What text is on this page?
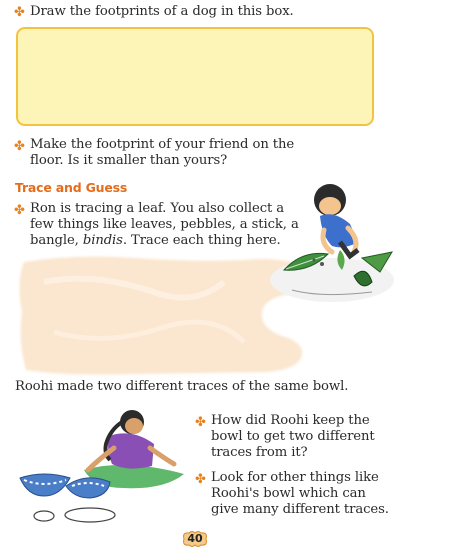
✤ Draw the footprints of a dog in this box.
✤ Make the footprint of your friend on the
floor. Is it smaller than yours?
Trace and Guess
✤ Ron is tracing a leaf. You also collect a
few things like leaves, pebbles, a stick, a
bangle, bindis. Trace each thing here.
Roohi made two different traces of the same bowl.
✤ How did Roohi keep the
bowl to get two different
traces from it?
✤ Look for other things like
Roohi's bowl which can
give many different traces.
40
